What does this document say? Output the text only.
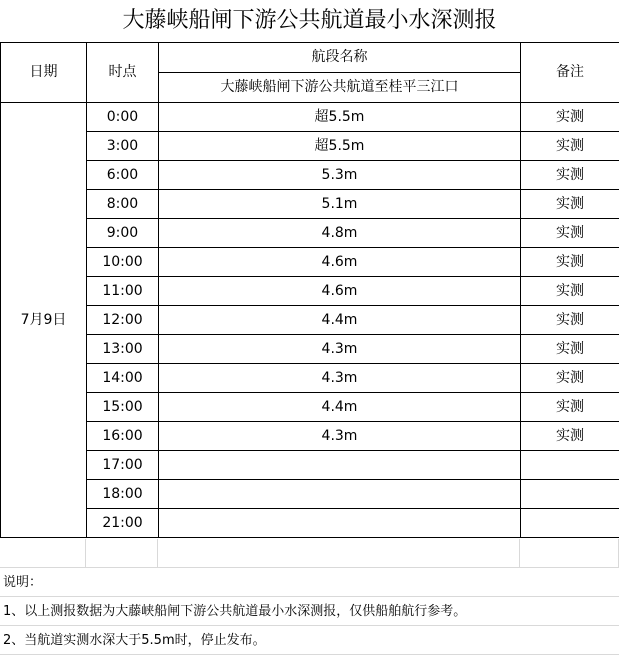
大藤峡船闸下游公共航道最小水深测报
日期	时点	航段名称	备注
		大藤峡船闸下游公共航道至桂平三江口	
7月9日	0:00	超5.5m	实测
	3:00	超5.5m	实测
	6:00	5.3m	实测
	8:00	5.1m	实测
	9:00	4.8m	实测
	10:00	4.6m	实测
	11:00	4.6m	实测
	12:00	4.4m	实测
	13:00	4.3m	实测
	14:00	4.3m	实测
	15:00	4.4m	实测
	16:00	4.3m	实测
	17:00		
	18:00		
	21:00		
说明：
1、以上测报数据为大藤峡船闸下游公共航道最小水深测报，仅供船舶航行参考。
2、当航道实测水深大于5.5m时，停止发布。
